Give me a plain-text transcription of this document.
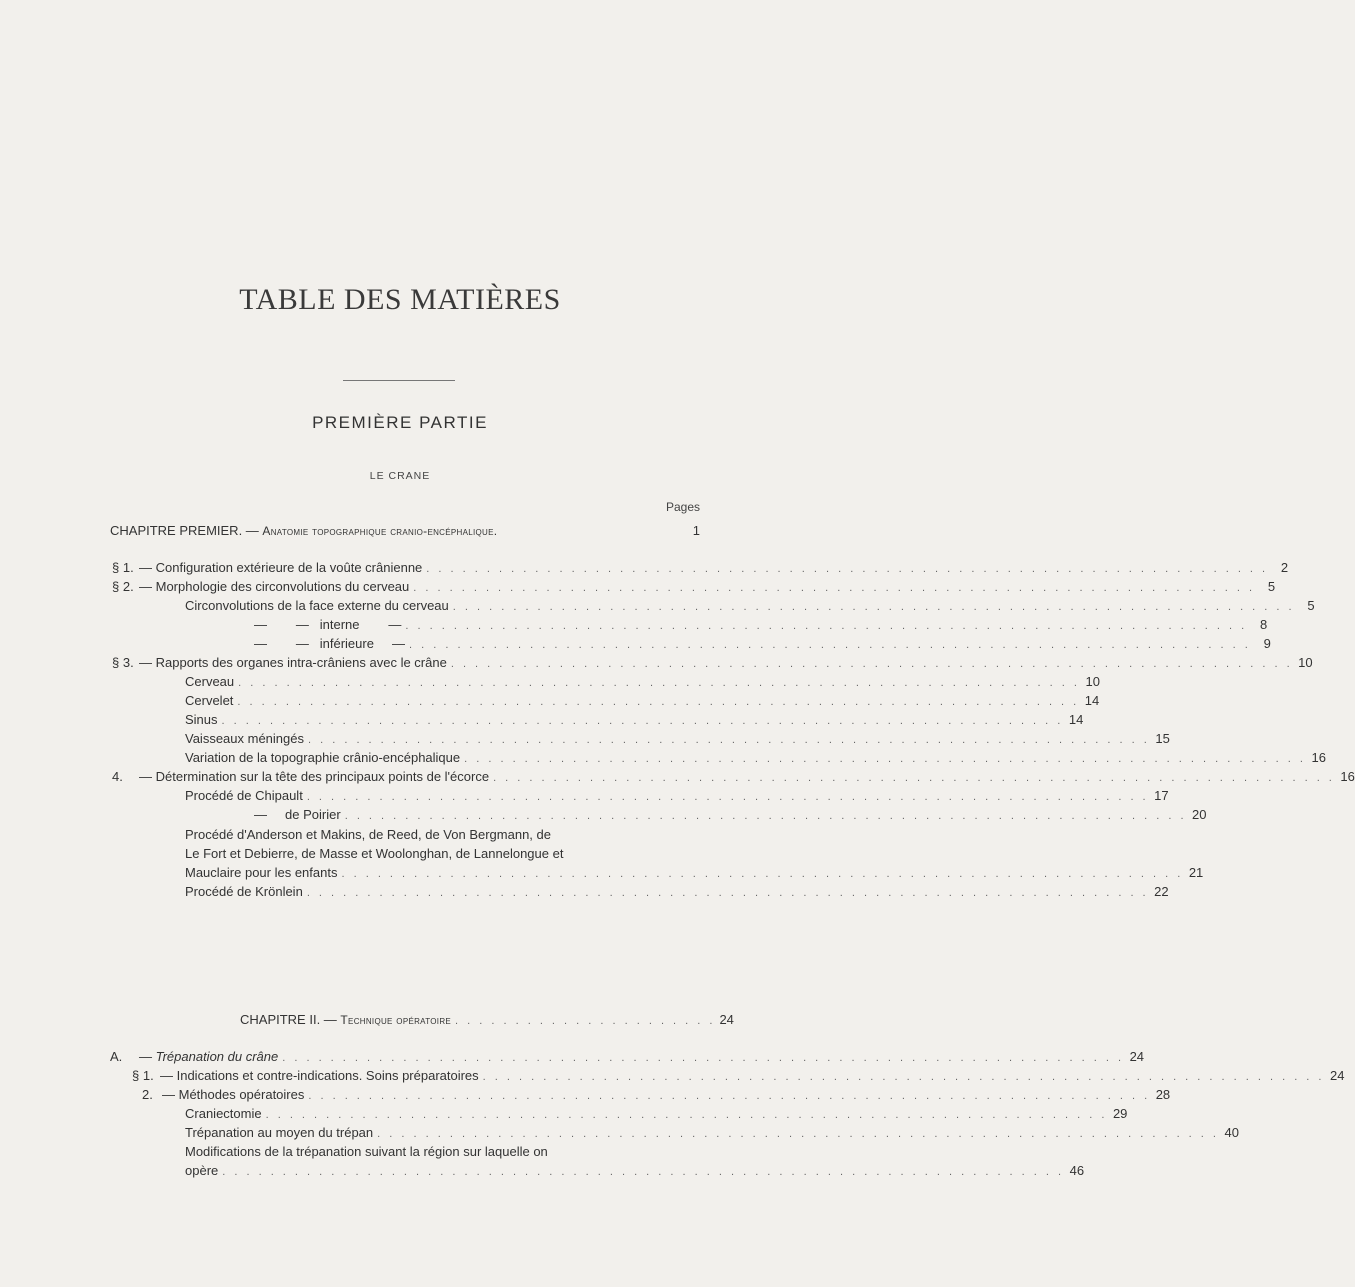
TABLE DES MATIÈRES
PREMIÈRE PARTIE
LE CRANE
Pages
CHAPITRE PREMIER. —
Anatomie topographique cranio-encéphalique.	1
§ 1. — Configuration extérieure de la voûte crânienne . . .	2
§ 2. — Morphologie des circonvolutions du cerveau . . .	5
Circonvolutions de la face externe du cerveau . . .	5
—        —   interne        — . . .	8
—        —   inférieure     — . . .	9
§ 3. — Rapports des organes intra-crâniens avec le crâne . . .	10
Cerveau . . .	10
Cervelet . . .	14
Sinus . . .	14
Vaisseaux méningés . . .	15
Variation de la topographie crânio-encéphalique . . .	16
4. — Détermination sur la tête des principaux points de l'écorce . . .	16
Procédé de Chipault . . .	17
—     de Poirier . . .	20
Procédé d'Anderson et Makins, de Reed, de Von Bergmann, de
Le Fort et Debierre, de Masse et Woolonghan, de Lannelongue et
Mauclaire pour les enfants . . .	21
Procédé de Krönlein . . .	22
CHAPITRE II. —
Technique opératoire . . . . . . . . . . . . . . . . . . . . . . 24
A. — Trépanation du crâne . . .	24
§ 1. — Indications et contre-indications. Soins préparatoires . . .	24
2. — Méthodes opératoires . . .	28
Craniectomie . . .	29
Trépanation au moyen du trépan . . .	40
Modifications de la trépanation suivant la région sur laquelle on
opère . . .	46
